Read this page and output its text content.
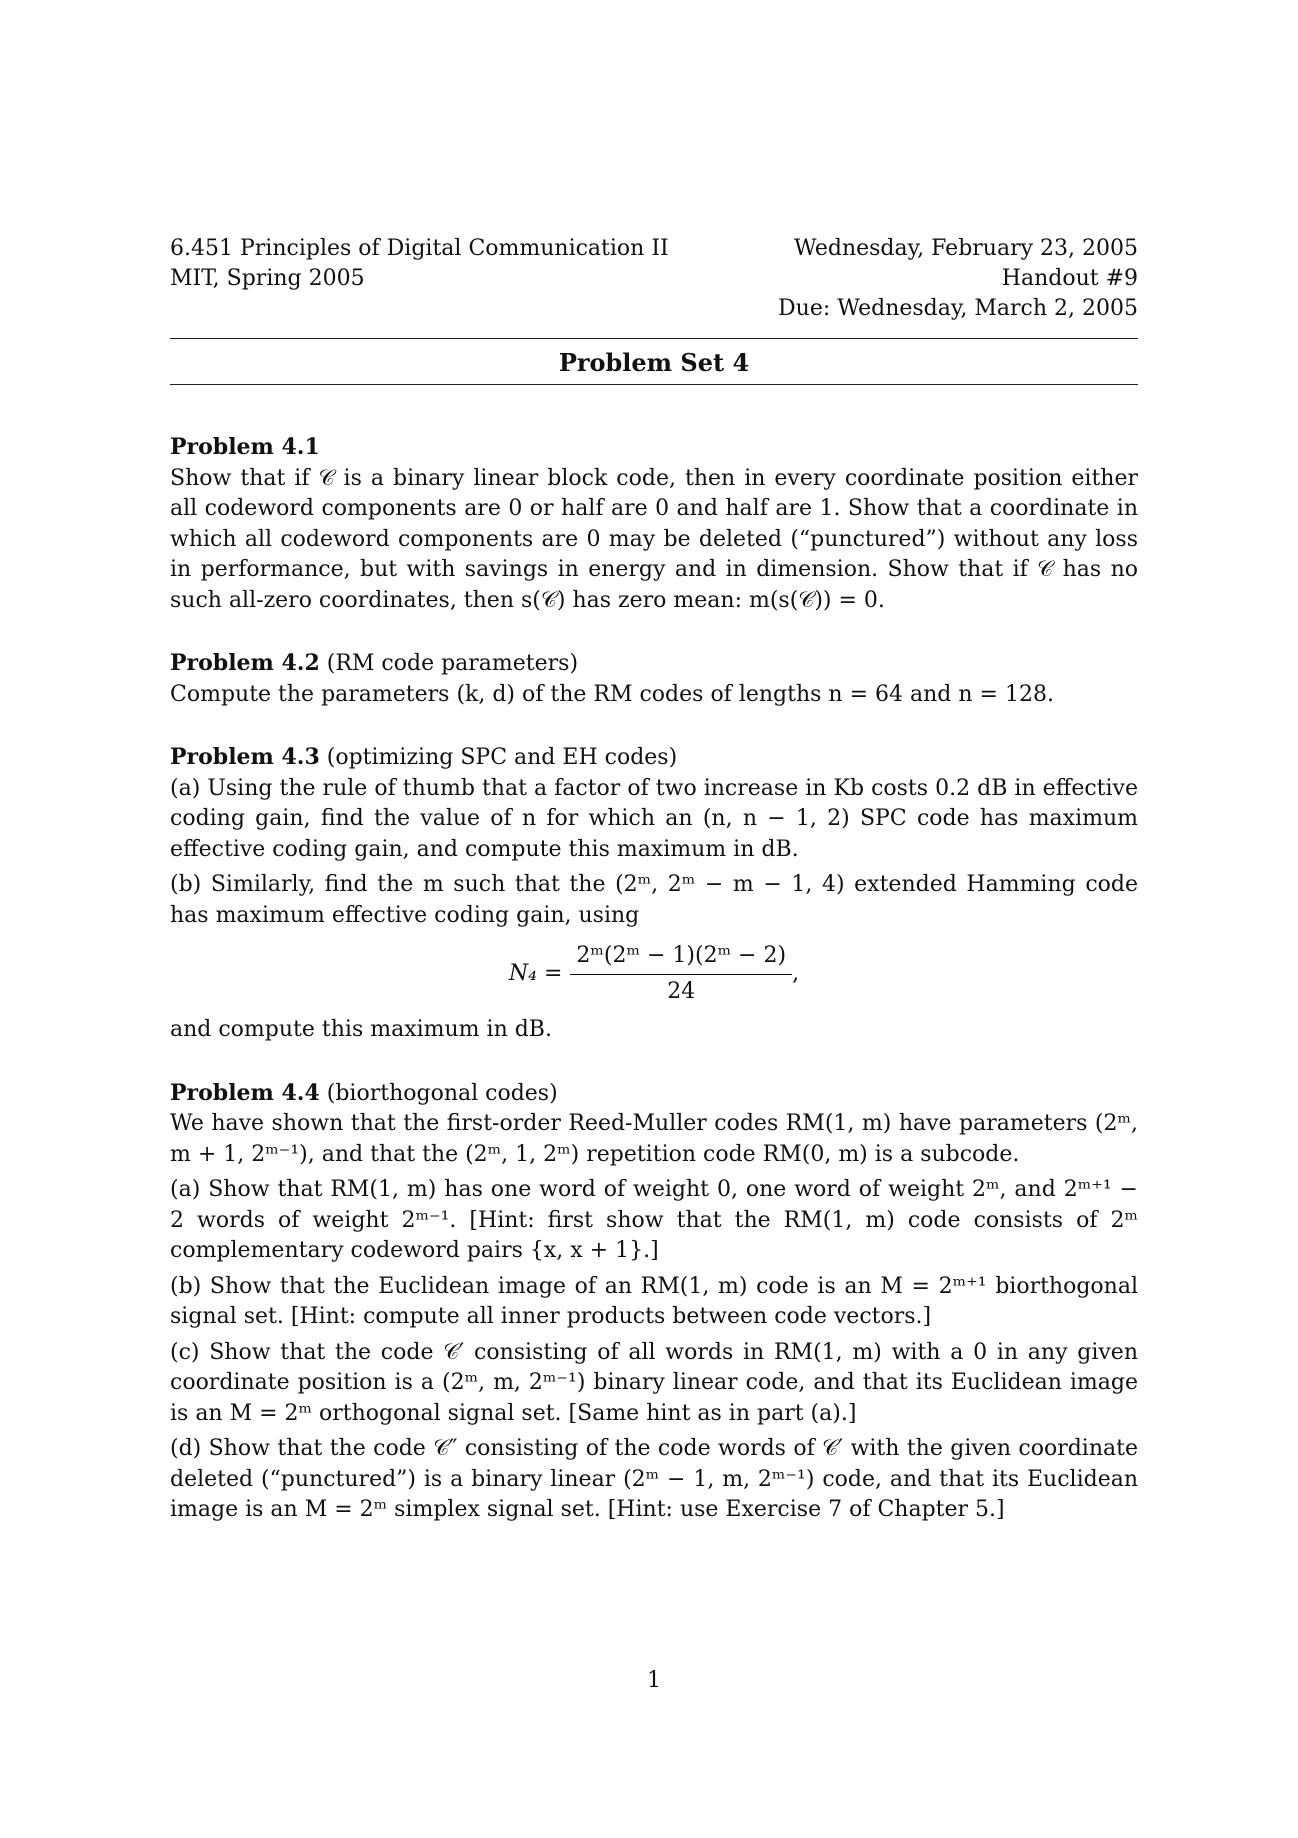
6.451 Principles of Digital Communication II
MIT, Spring 2005
Wednesday, February 23, 2005
Handout #9
Due: Wednesday, March 2, 2005
Problem Set 4
Problem 4.1

Show that if 𝒞 is a binary linear block code, then in every coordinate position either all codeword components are 0 or half are 0 and half are 1. Show that a coordinate in which all codeword components are 0 may be deleted (“punctured”) without any loss in performance, but with savings in energy and in dimension. Show that if 𝒞 has no such all-zero coordinates, then s(𝒞) has zero mean: m(s(𝒞)) = 0.

Problem 4.2 (RM code parameters)

Compute the parameters (k, d) of the RM codes of lengths n = 64 and n = 128.

Problem 4.3 (optimizing SPC and EH codes)

(a) Using the rule of thumb that a factor of two increase in Kb costs 0.2 dB in effective coding gain, find the value of n for which an (n, n − 1, 2) SPC code has maximum effective coding gain, and compute this maximum in dB.

(b) Similarly, find the m such that the (2ᵐ, 2ᵐ − m − 1, 4) extended Hamming code has maximum effective coding gain, using

$N_4 = \frac{\text{2ᵐ(2ᵐ − 1)(2ᵐ − 2)}}{24}$ ,

and compute this maximum in dB.

Problem 4.4 (biorthogonal codes)

We have shown that the first-order Reed-Muller codes RM(1, m) have parameters (2ᵐ, m + 1, 2ᵐ⁻¹), and that the (2ᵐ, 1, 2ᵐ) repetition code RM(0, m) is a subcode.

(a) Show that RM(1, m) has one word of weight 0, one word of weight 2ᵐ, and 2ᵐ⁺¹ − 2 words of weight 2ᵐ⁻¹. [Hint: first show that the RM(1, m) code consists of 2ᵐ complementary codeword pairs {x, x + 1}.]

(b) Show that the Euclidean image of an RM(1, m) code is an M = 2ᵐ⁺¹ biorthogonal signal set. [Hint: compute all inner products between code vectors.]

(c) Show that the code 𝒞′ consisting of all words in RM(1, m) with a 0 in any given coordinate position is a (2ᵐ, m, 2ᵐ⁻¹) binary linear code, and that its Euclidean image is an M = 2ᵐ orthogonal signal set. [Same hint as in part (a).]

(d) Show that the code 𝒞″ consisting of the code words of 𝒞′ with the given coordinate deleted (“punctured”) is a binary linear (2ᵐ − 1, m, 2ᵐ⁻¹) code, and that its Euclidean image is an M = 2ᵐ simplex signal set. [Hint: use Exercise 7 of Chapter 5.]

1
